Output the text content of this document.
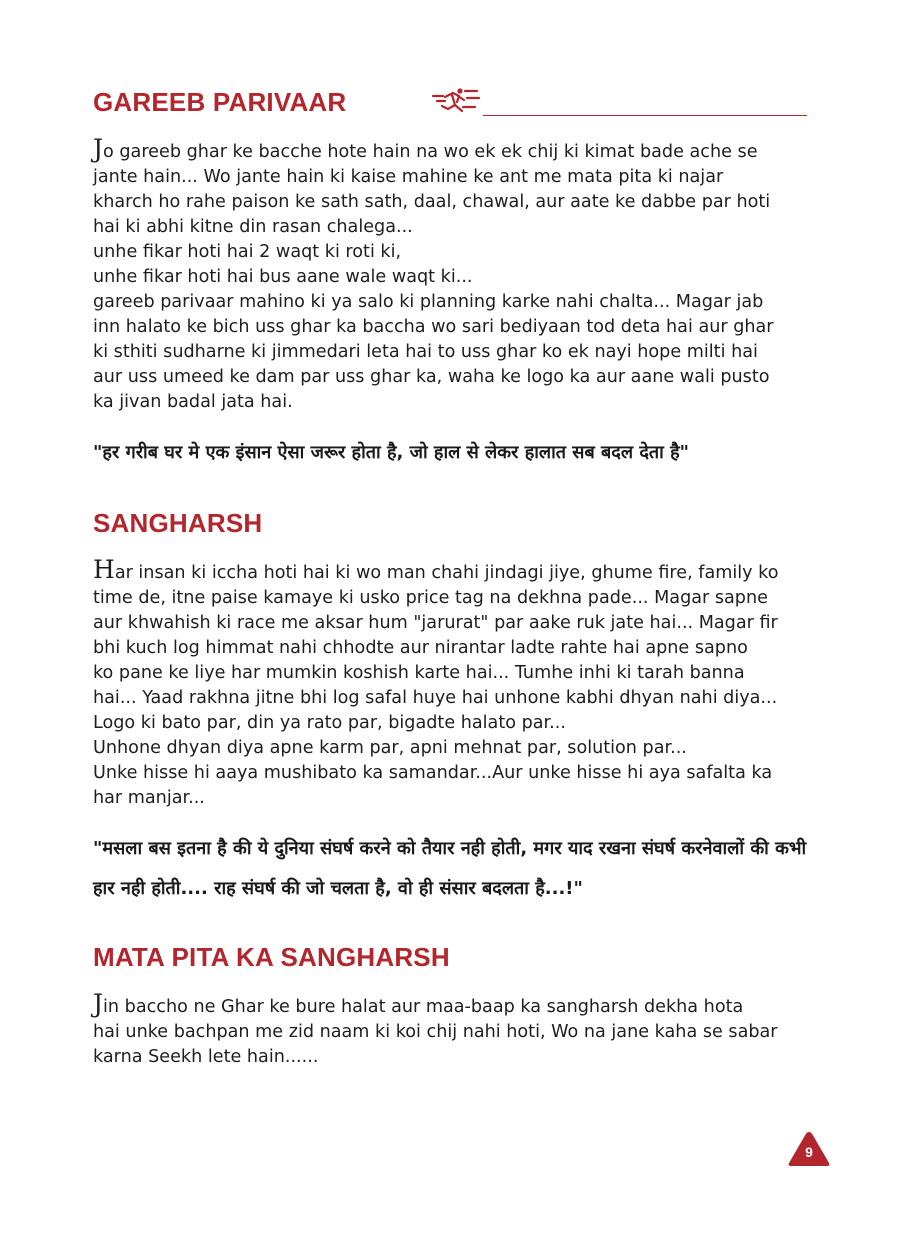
GAREEB PARIVAAR

Jo gareeb ghar ke bacche hote hain na wo ek ek chij ki kimat bade ache se
jante hain... Wo jante hain ki kaise mahine ke ant me mata pita ki najar
kharch ho rahe paison ke sath sath, daal, chawal, aur aate ke dabbe par hoti
hai ki abhi kitne din rasan chalega...
unhe fikar hoti hai 2 waqt ki roti ki,
unhe fikar hoti hai bus aane wale waqt ki...
gareeb parivaar mahino ki ya salo ki planning karke nahi chalta... Magar jab
inn halato ke bich uss ghar ka baccha wo sari bediyaan tod deta hai aur ghar
ki sthiti sudharne ki jimmedari leta hai to uss ghar ko ek nayi hope milti hai
aur uss umeed ke dam par uss ghar ka, waha ke logo ka aur aane wali pusto
ka jivan badal jata hai.

"हर गरीब घर मे एक इंसान ऐसा जरूर होता है, जो हाल से लेकर हालात सब बदल देता है"

SANGHARSH

Har insan ki iccha hoti hai ki wo man chahi jindagi jiye, ghume fire, family ko
time de, itne paise kamaye ki usko price tag na dekhna pade... Magar sapne
aur khwahish ki race me aksar hum "jarurat" par aake ruk jate hai... Magar fir
bhi kuch log himmat nahi chhodte aur nirantar ladte rahte hai apne sapno
ko pane ke liye har mumkin koshish karte hai... Tumhe inhi ki tarah banna
hai... Yaad rakhna jitne bhi log safal huye hai unhone kabhi dhyan nahi diya...
Logo ki bato par, din ya rato par, bigadte halato par...
Unhone dhyan diya apne karm par, apni mehnat par, solution par...
Unke hisse hi aaya mushibato ka samandar...Aur unke hisse hi aya safalta ka
har manjar...

"मसला बस इतना है की ये दुनिया संघर्ष करने को तैयार नही होती, मगर याद रखना संघर्ष करनेवालों की कभी हार नही होती.... राह संघर्ष की जो चलता है, वो ही संसार बदलता है...!"

MATA PITA KA SANGHARSH

Jin baccho ne Ghar ke bure halat aur maa-baap ka sangharsh dekha hota
hai unke bachpan me zid naam ki koi chij nahi hoti, Wo na jane kaha se sabar
karna Seekh lete hain......

9
